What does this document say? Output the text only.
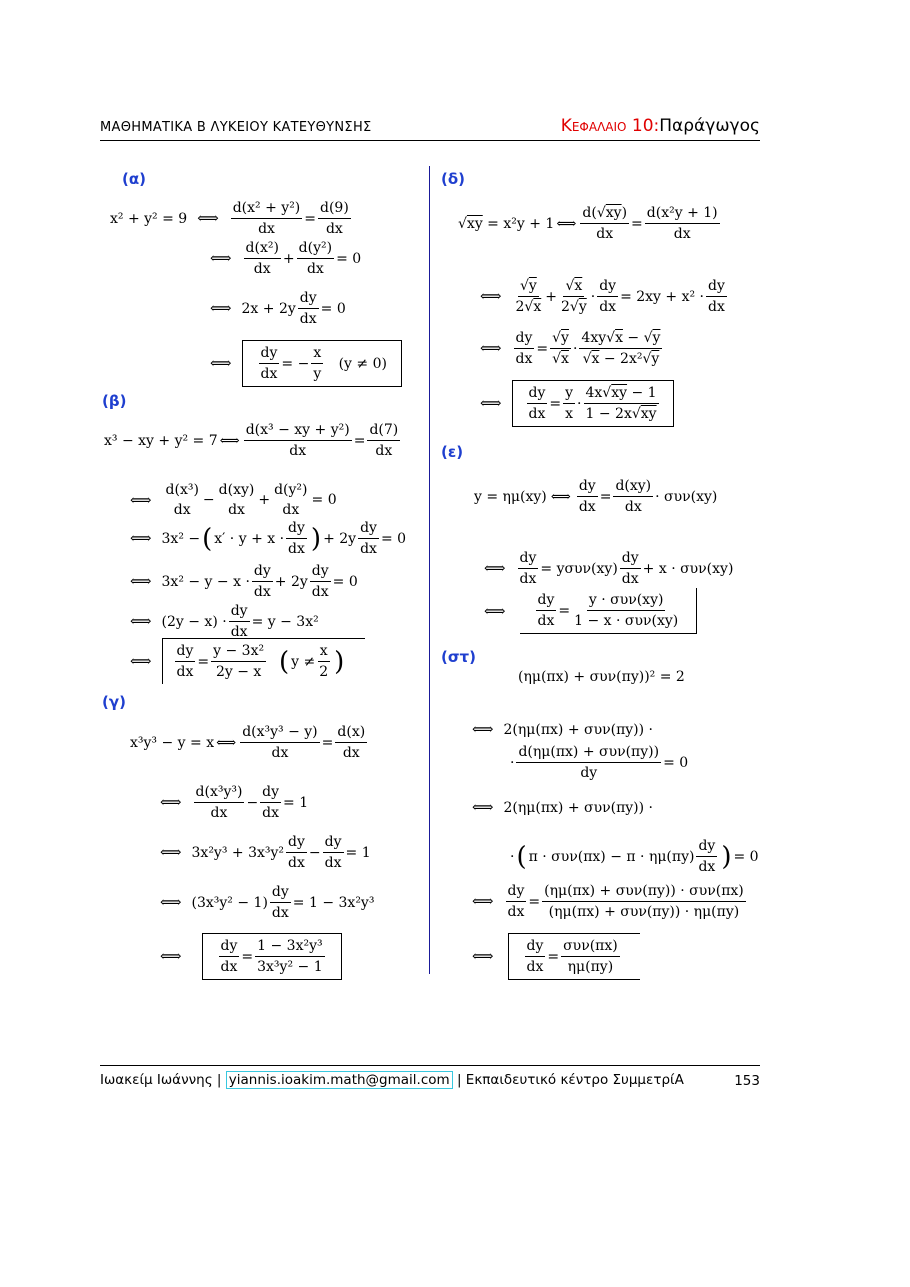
ΜΑΘΗΜΑΤΙΚΑ Β ΛΥΚΕΙΟΥ ΚΑΤΕΥΘΥΝΣΗΣ	Κεφαλαιο 10:Παράγωγος
(α)
x² + y² = 9 ⟺ $\frac{\text{d(x² + y²)}}{dx} = \frac{d(9)}{dx}$
⟺ $\frac{\text{d(x²)}}{dx} + \frac{\text{d(y²)}}{dx} = 0$
⟺ $2x + 2y \frac{dy}{dx} = 0$
⟺ $\frac{dy}{dx}$ = − $\frac{x}{y} (y \ne 0)$
(β)
x³ − xy + y² = 7 ⟺ $\frac{\text{d(x³ − xy + y²)}}{dx} = \frac{d(7)}{dx}$
⟺
d(x³)
dx
−
d(xy)
dx
+
d(y²)
dx
= 0
⟺ 3x² − ( $x' \cdot y + x \cdot \frac{dy}{dx}$ ) + $2y \frac{dy}{dx} = 0$
⟺ $3x^2 - y - x \cdot \frac{dy}{dx} + 2y \frac{dy}{dx} = 0$
⟺ $(2y - x) \cdot \frac{dy}{dx} = y - 3x^2$
⟺ $\frac{dy}{dx} = \frac{\text{y − 3x²}}{2y - x}$
( $y \ne \frac{x}{2}$ )
(γ)
x³y³ − y = x ⟺ $\frac{\text{d(x³y³ − y)}}{dx} = \frac{d(x)}{dx}$
⟺ $\frac{\text{d(x³y³)}}{dx} - \frac{dy}{dx} = 1$
⟺ $3x^2y^3 + 3x^3y^2 \frac{dy}{dx} - \frac{dy}{dx} = 1$
⟺ $(3x^3y^2 - 1) \frac{dy}{dx} = 1 - 3x^2y^3$
⟺	$\frac{dy}{dx} = \frac{\text{1 − 3x²y³}}{\text{3x³y² − 1}}$
(δ)
√xy = x²y + 1 ⟺ $\frac{d(√xy)}{dx} = \frac{\text{d(x²y + 1)}}{dx}$
⟺ $\frac{√y}{2√x} + \frac{√x}{2√y} \cdot \frac{dy}{dx} = 2xy + x^2 \cdot \frac{dy}{dx}$
⟺ $\frac{dy}{dx} = \frac{√y}{√x} \cdot \frac{4xy√x - √y}{\text{√x − 2x²√y}}$
⟺ $\frac{dy}{dx} = \frac{y}{x} \cdot \frac{4x√xy - 1}{1 - 2x√xy}$
(ε)
y = ημ(xy) ⟺ $\frac{dy}{dx} = \frac{d(xy)}{dx} \cdot \sigma\upsilon\nu(xy)$
⟺ $\frac{dy}{dx} = y\sigma\upsilon\nu(xy) \frac{dy}{dx} + x \cdot \sigma\upsilon\nu(xy)$
⟺ $\frac{dy}{dx} = \frac{\text{y · συν(xy)}}{\text{1 − x · συν(xy)}}$
(στ)
(ημ(πx) + συν(πy))² = 2
⟺ 2(ημ(πx) + συν(πy)) ·
· $\frac{\text{d(ημ(πx) + συν(πy))}}{dy} = 0$
⟺ 2(ημ(πx) + συν(πy)) ·
· ( $\pi \cdot \sigma\upsilon\nu(\pi x) - \pi \cdot \eta\mu(\pi y) \frac{dy}{dx}$ ) = 0
⟺ $\frac{dy}{dx} = \frac{\text{(ημ(πx) + συν(πy)) · συν(πx)}}{\text{(ημ(πx) + συν(πy)) · ημ(πy)}}$
⟺ $\frac{dy}{dx} = \frac{\text{συν(πx)}}{\eta\mu(\pi y)}$
Ιωακείμ Ιωάννης | yiannis.ioakim.math@gmail.com | Εκπαιδευτικό κέντρο ΣυμμετρίΑ	153
